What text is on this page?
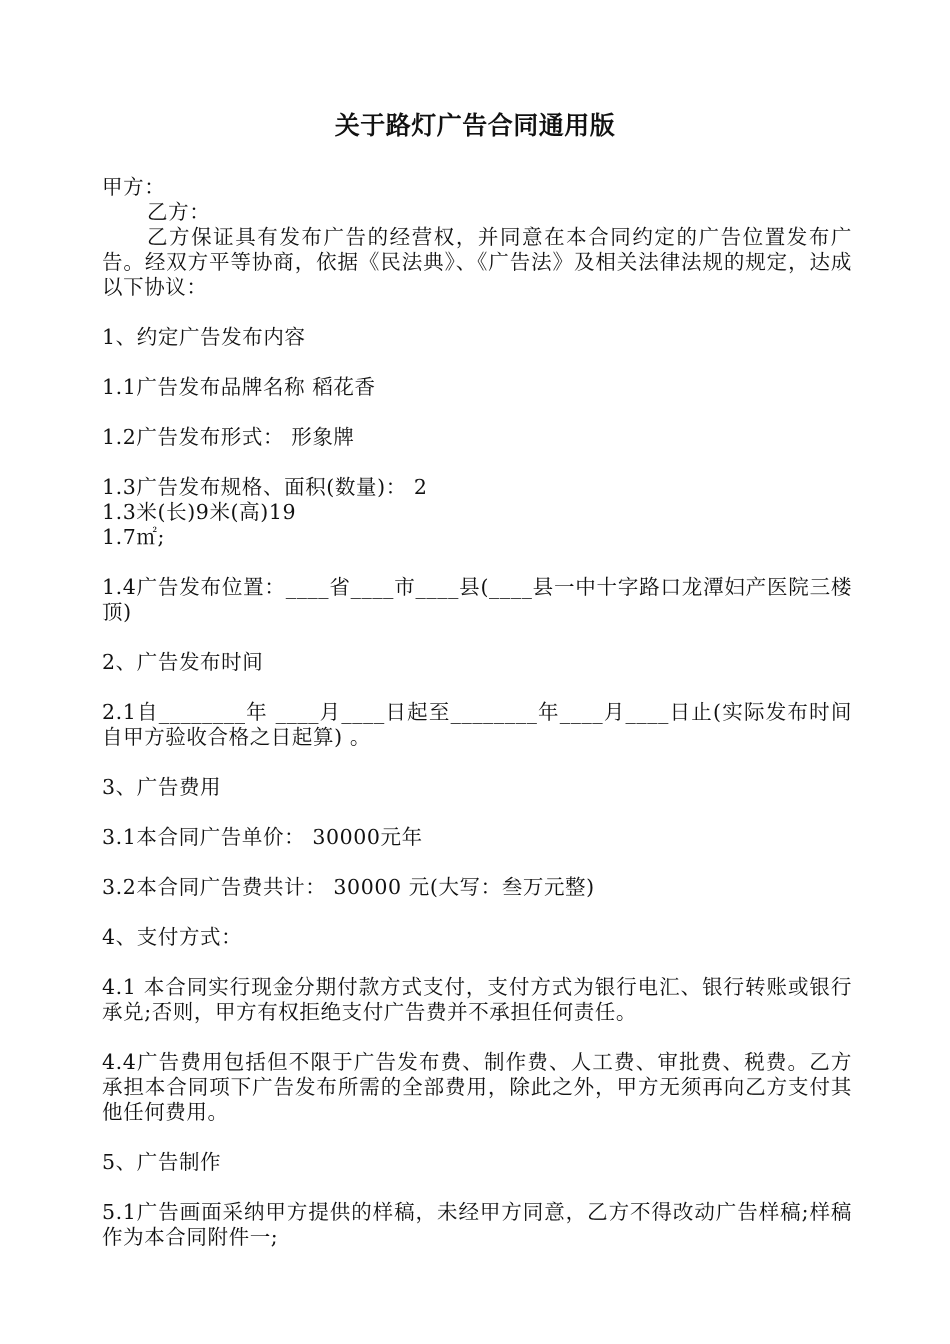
关于路灯广告合同通用版

甲方：

乙方：

乙方保证具有发布广告的经营权，并同意在本合同约定的广告位置发布广告。经双方平等协商，依据《民法典》、《广告法》及相关法律法规的规定，达成以下协议：

1、约定广告发布内容

1.1广告发布品牌名称 稻花香

1.2广告发布形式： 形象牌

1.3广告发布规格、面积(数量)： 2

1.3米(长)9米(高)19

1.7㎡;

1.4广告发布位置：____省____市____县(____县一中十字路口龙潭妇产医院三楼顶)

2、广告发布时间

2.1自________年 ____月____日起至________年____月____日止(实际发布时间自甲方验收合格之日起算) 。

3、广告费用

3.1本合同广告单价： 30000元年

3.2本合同广告费共计： 30000 元(大写：叁万元整)

4、支付方式：

4.1 本合同实行现金分期付款方式支付，支付方式为银行电汇、银行转账或银行承兑;否则，甲方有权拒绝支付广告费并不承担任何责任。

4.4广告费用包括但不限于广告发布费、制作费、人工费、审批费、税费。乙方承担本合同项下广告发布所需的全部费用，除此之外，甲方无须再向乙方支付其他任何费用。

5、广告制作

5.1广告画面采纳甲方提供的样稿，未经甲方同意，乙方不得改动广告样稿;样稿作为本合同附件一;
